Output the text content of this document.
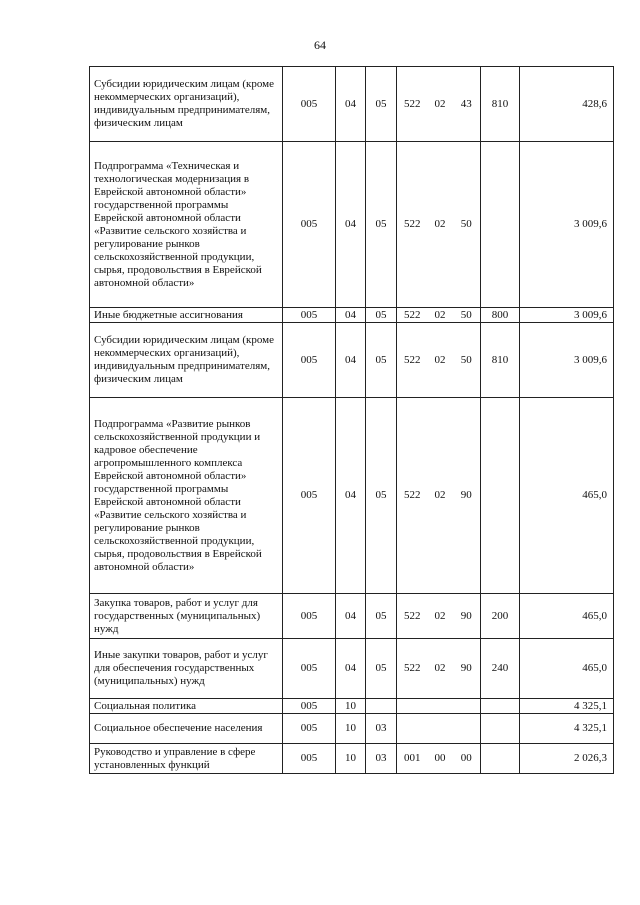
64
Субсидии юридическим лицам (кроме некоммерческих организаций), индивидуальным предпринимателям, физическим лицам	005	04	05	522	02	43	810	428,6
Подпрограмма «Техническая и технологическая модернизация в Еврейской автономной области» государственной программы Еврейской автономной области «Развитие сельского хозяйства и регулирование рынков сельскохозяйственной продукции, сырья, продовольствия в Еврейской автономной области»	005	04	05	522	02	50		3 009,6
Иные бюджетные ассигнования	005	04	05	522	02	50	800	3 009,6
Субсидии юридическим лицам (кроме некоммерческих организаций), индивидуальным предпринимателям, физическим лицам	005	04	05	522	02	50	810	3 009,6
Подпрограмма «Развитие рынков сельскохозяйственной продукции и кадровое обеспечение агропромышленного комплекса Еврейской автономной области» государственной программы Еврейской автономной области «Развитие сельского хозяйства и регулирование рынков сельскохозяйственной продукции, сырья, продовольствия в Еврейской автономной области»	005	04	05	522	02	90		465,0
Закупка товаров, работ и услуг для государственных (муниципальных) нужд	005	04	05	522	02	90	200	465,0
Иные закупки товаров, работ и услуг для обеспечения государственных (муниципальных) нужд	005	04	05	522	02	90	240	465,0
Социальная политика	005	10						4 325,1
Социальное обеспечение населения	005	10	03					4 325,1
Руководство и управление в сфере установленных функций	005	10	03	001	00	00		2 026,3
